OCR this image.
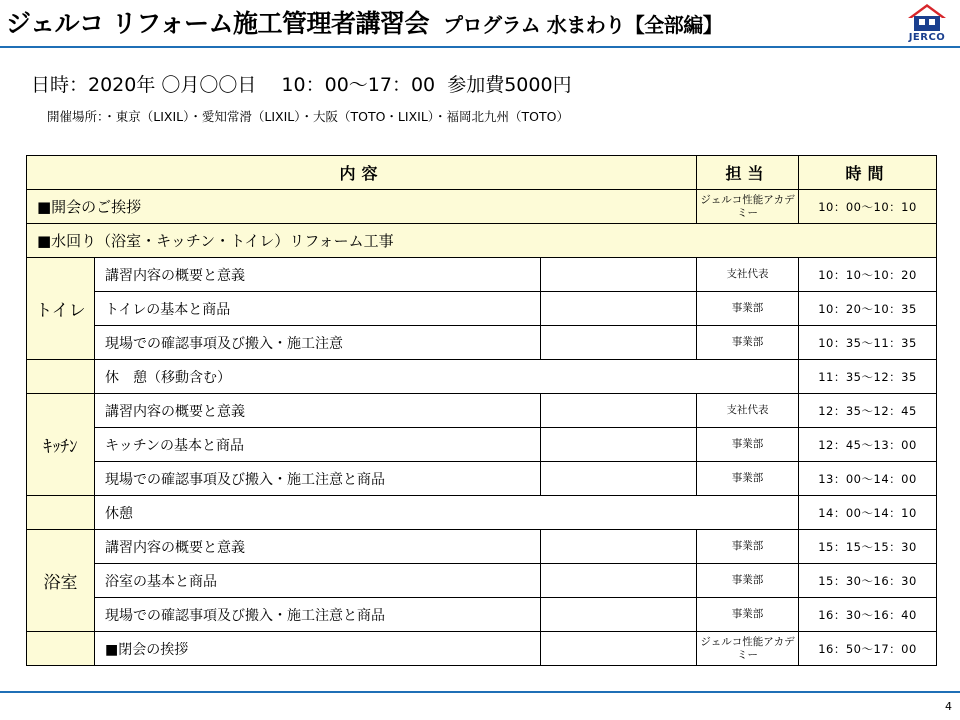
ジェルコ リフォーム施工管理者講習会 プログラム 水まわり【全部編】
JERCO
日時：2020年 〇月〇〇日　 10：00～17：00  参加費5000円
開催場所：・東京（LIXIL）・愛知常滑（LIXIL）・大阪（TOTO・LIXIL）・福岡北九州（TOTO）
内容			担当	時間
■開会のご挨拶			ジェルコ性能アカデミー	10：00～10：10
■水回り（浴室・キッチン・トイレ）リフォーム工事				
トイレ	講習内容の概要と意義		支社代表	10：10～10：20
	トイレの基本と商品		事業部	10：20～10：35
	現場での確認事項及び搬入・施工注意		事業部	10：35～11：35
	休　憩（移動含む）			11：35～12：35
ｷｯﾁﾝ	講習内容の概要と意義		支社代表	12：35～12：45
	キッチンの基本と商品		事業部	12：45～13：00
	現場での確認事項及び搬入・施工注意と商品		事業部	13：00～14：00
	休憩			14：00～14：10
浴室	講習内容の概要と意義		事業部	15：15～15：30
	浴室の基本と商品		事業部	15：30～16：30
	現場での確認事項及び搬入・施工注意と商品		事業部	16：30～16：40
	■閉会の挨拶		ジェルコ性能アカデミー	16：50～17：00
4
